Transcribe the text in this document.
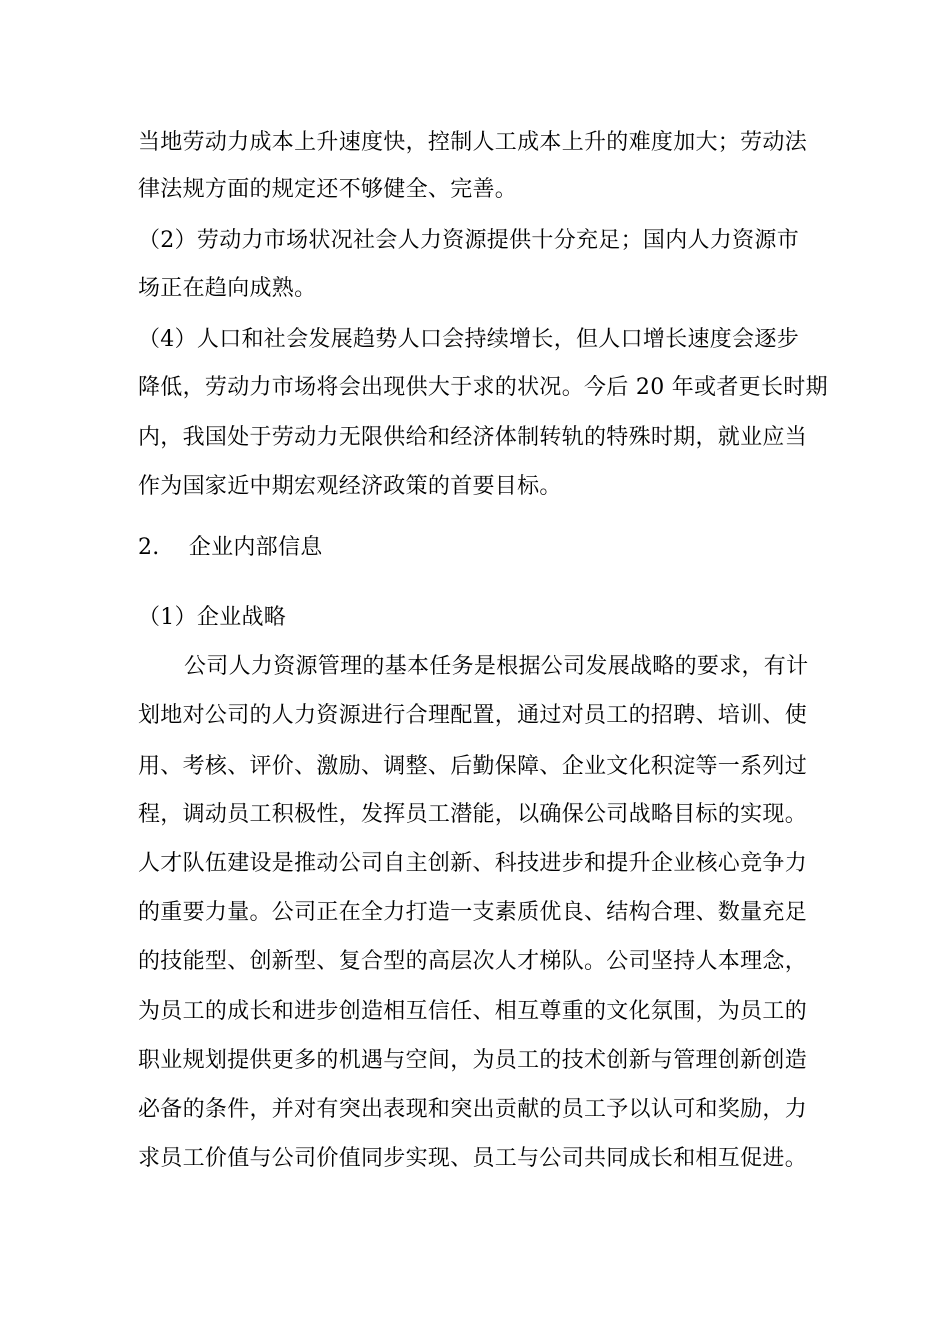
当地劳动力成本上升速度快，控制人工成本上升的难度加大；劳动法
律法规方面的规定还不够健全、完善。
（2）劳动力市场状况社会人力资源提供十分充足；国内人力资源市
场正在趋向成熟。
（4）人口和社会发展趋势人口会持续增长，但人口增长速度会逐步
降低，劳动力市场将会出现供大于求的状况。今后 20 年或者更长时期
内，我国处于劳动力无限供给和经济体制转轨的特殊时期，就业应当
作为国家近中期宏观经济政策的首要目标。
2.    企业内部信息
（1）企业战略
公司人力资源管理的基本任务是根据公司发展战略的要求，有计
划地对公司的人力资源进行合理配置，通过对员工的招聘、培训、使
用、考核、评价、激励、调整、后勤保障、企业文化积淀等一系列过
程，调动员工积极性，发挥员工潜能，以确保公司战略目标的实现。
人才队伍建设是推动公司自主创新、科技进步和提升企业核心竞争力
的重要力量。公司正在全力打造一支素质优良、结构合理、数量充足
的技能型、创新型、复合型的高层次人才梯队。公司坚持人本理念，
为员工的成长和进步创造相互信任、相互尊重的文化氛围，为员工的
职业规划提供更多的机遇与空间，为员工的技术创新与管理创新创造
必备的条件，并对有突出表现和突出贡献的员工予以认可和奖励，力
求员工价值与公司价值同步实现、员工与公司共同成长和相互促进。
